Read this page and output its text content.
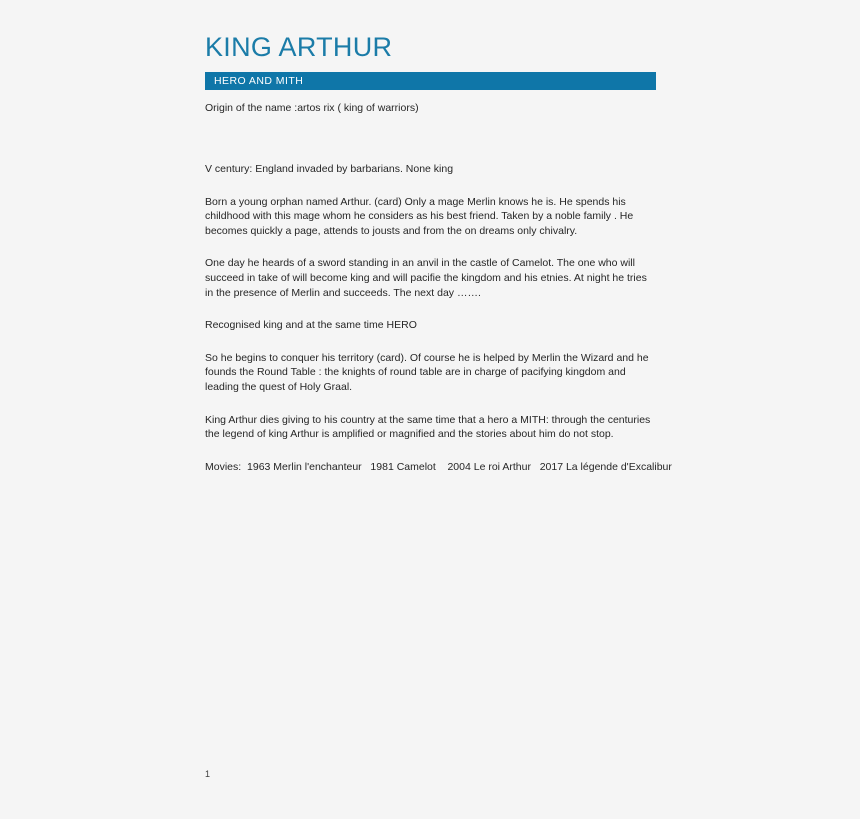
KING ARTHUR
HERO AND MITH

Origin of the name :artos rix ( king of warriors)

V century: England invaded by barbarians. None king

Born a young orphan named Arthur. (card) Only a mage Merlin knows he is. He spends his childhood with this mage whom he considers as his best friend. Taken by a noble family . He becomes quickly a page, attends to jousts and from the on dreams only chivalry.

One day he heards of a sword standing in an anvil in the castle of Camelot. The one who will succeed in take of will become king and will pacifie the kingdom and his etnies. At night he tries in the presence of Merlin and succeeds. The next day …….

Recognised king and at the same time HERO

So he begins to conquer his territory (card). Of course he is helped by Merlin the Wizard and he founds the Round Table : the knights of round table are in charge of pacifying kingdom and leading the quest of Holy Graal.

King Arthur dies giving to his country at the same time that a hero a MITH: through the centuries the legend of king Arthur is amplified or magnified and the stories about him do not stop.

Movies:  1963 Merlin l'enchanteur   1981 Camelot    2004 Le roi Arthur   2017 La légende d'Excalibur

1
